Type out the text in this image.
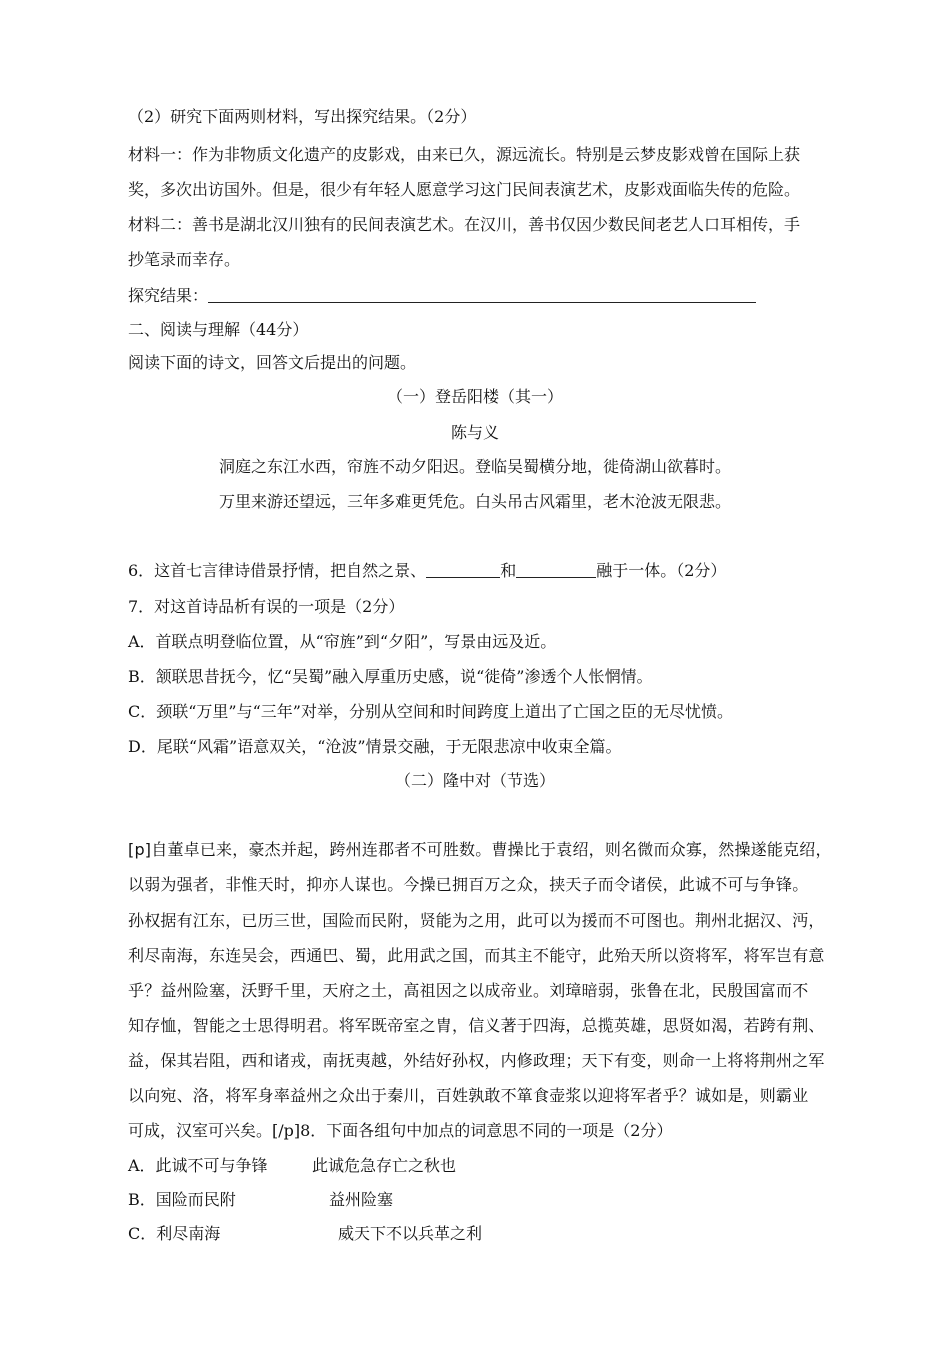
（2）研究下面两则材料，写出探究结果。（2分）
材料一：作为非物质文化遗产的皮影戏，由来已久，源远流长。特别是云梦皮影戏曾在国际上获
奖，多次出访国外。但是，很少有年轻人愿意学习这门民间表演艺术，皮影戏面临失传的危险。
材料二：善书是湖北汉川独有的民间表演艺术。在汉川，善书仅因少数民间老艺人口耳相传，手
抄笔录而幸存。
探究结果：
二、阅读与理解（44分）
阅读下面的诗文，回答文后提出的问题。
（一）登岳阳楼（其一）
陈与义
洞庭之东江水西，帘旌不动夕阳迟。登临吴蜀横分地，徙倚湖山欲暮时。
万里来游还望远，三年多难更凭危。白头吊古风霜里，老木沧波无限悲。
6．这首七言律诗借景抒情，把自然之景、	和	融于一体。（2分）
7．对这首诗品析有误的一项是（2分）
A．首联点明登临位置，从“帘旌”到“夕阳”，写景由远及近。
B．颔联思昔抚今，忆“吴蜀”融入厚重历史感，说“徙倚”渗透个人怅惘情。
C．颈联“万里”与“三年”对举，分别从空间和时间跨度上道出了亡国之臣的无尽忧愤。
D．尾联“风霜”语意双关，“沧波”情景交融，于无限悲凉中收束全篇。
（二）隆中对（节选）
[p]自董卓已来，豪杰并起，跨州连郡者不可胜数。曹操比于袁绍，则名微而众寡，然操遂能克绍，
以弱为强者，非惟天时，抑亦人谋也。今操已拥百万之众，挟天子而令诸侯，此诚不可与争锋。
孙权据有江东，已历三世，国险而民附，贤能为之用，此可以为援而不可图也。荆州北据汉、沔，
利尽南海，东连吴会，西通巴、蜀，此用武之国，而其主不能守，此殆天所以资将军，将军岂有意
乎？益州险塞，沃野千里，天府之土，高祖因之以成帝业。刘璋暗弱，张鲁在北，民殷国富而不
知存恤，智能之士思得明君。将军既帝室之胄，信义著于四海，总揽英雄，思贤如渴，若跨有荆、
益，保其岩阻，西和诸戎，南抚夷越，外结好孙权，内修政理；天下有变，则命一上将将荆州之军
以向宛、洛，将军身率益州之众出于秦川，百姓孰敢不箪食壶浆以迎将军者乎？诚如是，则霸业
可成，汉室可兴矣。[/p]8．下面各组句中加点的词意思不同的一项是（2分）
A．此诚不可与争锋	此诚危急存亡之秋也
B．国险而民附	益州险塞
C．利尽南海	威天下不以兵革之利
